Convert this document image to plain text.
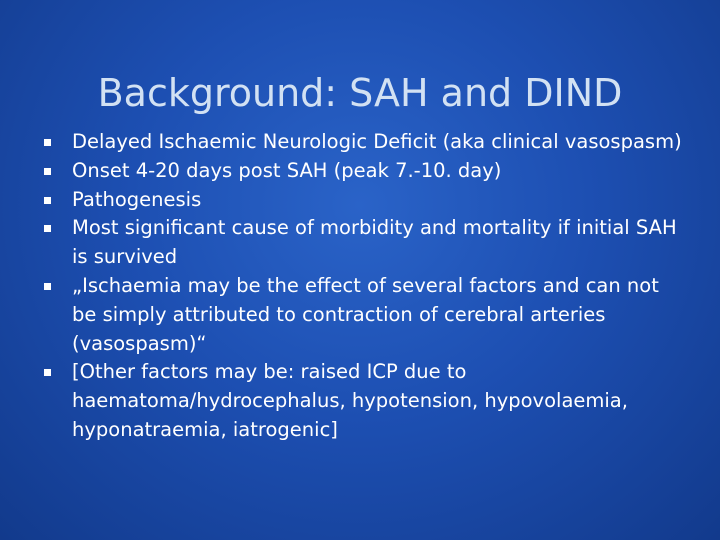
Background: SAH and DIND
Delayed Ischaemic Neurologic Deficit (aka clinical vasospasm)
Onset 4-20 days post SAH (peak 7.-10. day)
Pathogenesis
Most significant cause of morbidity and mortality if initial SAH is survived
„Ischaemia may be the effect of several factors and can not be simply attributed to contraction of cerebral arteries (vasospasm)“
[Other factors may be: raised ICP due to haematoma/hydrocephalus, hypotension, hypovolaemia, hyponatraemia, iatrogenic]
